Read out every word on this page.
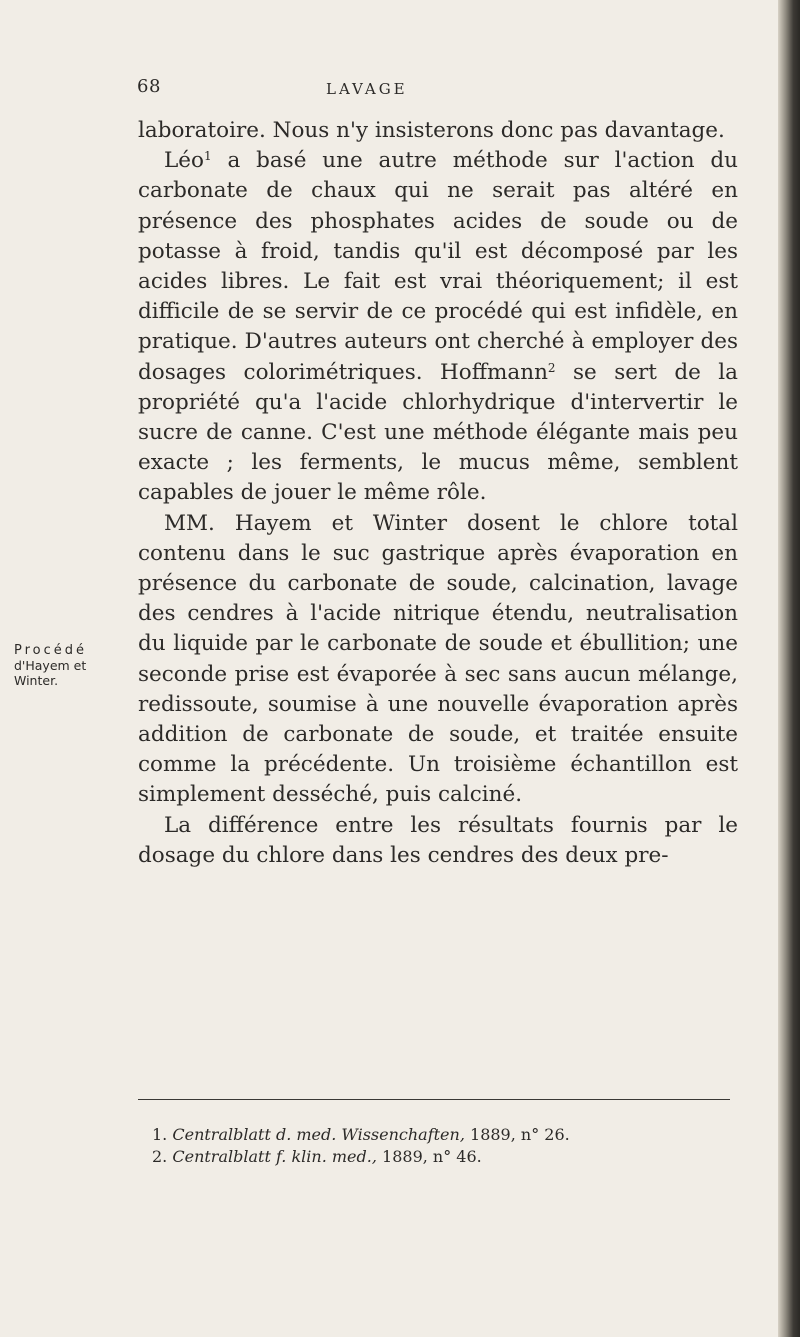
68	LAVAGE
Procédé
d'Hayem et
Winter.

laboratoire. Nous n'y insisterons donc pas davantage.

Léo$^1$ a basé une autre méthode sur l'action du carbonate de chaux qui ne serait pas altéré en présence des phosphates acides de soude ou de potasse à froid, tandis qu'il est décomposé par les acides libres. Le fait est vrai théoriquement; il est difficile de se servir de ce procédé qui est infidèle, en pratique. D'autres auteurs ont cherché à employer des dosages colorimétriques. Hoffmann$^2$ se sert de la propriété qu'a l'acide chlorhydrique d'intervertir le sucre de canne. C'est une méthode élégante mais peu exacte ; les ferments, le mucus même, semblent capables de jouer le même rôle.

MM. Hayem et Winter dosent le chlore total contenu dans le suc gastrique après évaporation en présence du carbonate de soude, calcination, lavage des cendres à l'acide nitrique étendu, neutralisation du liquide par le carbonate de soude et ébullition; une seconde prise est évaporée à sec sans aucun mélange, redissoute, soumise à une nouvelle évaporation après addition de carbonate de soude, et traitée ensuite comme la précédente. Un troisième échantillon est simplement desséché, puis calciné.

La différence entre les résultats fournis par le dosage du chlore dans les cendres des deux pre-

1. Centralblatt d. med. Wissenchaften, 1889, n° 26.
2. Centralblatt f. klin. med., 1889, n° 46.
